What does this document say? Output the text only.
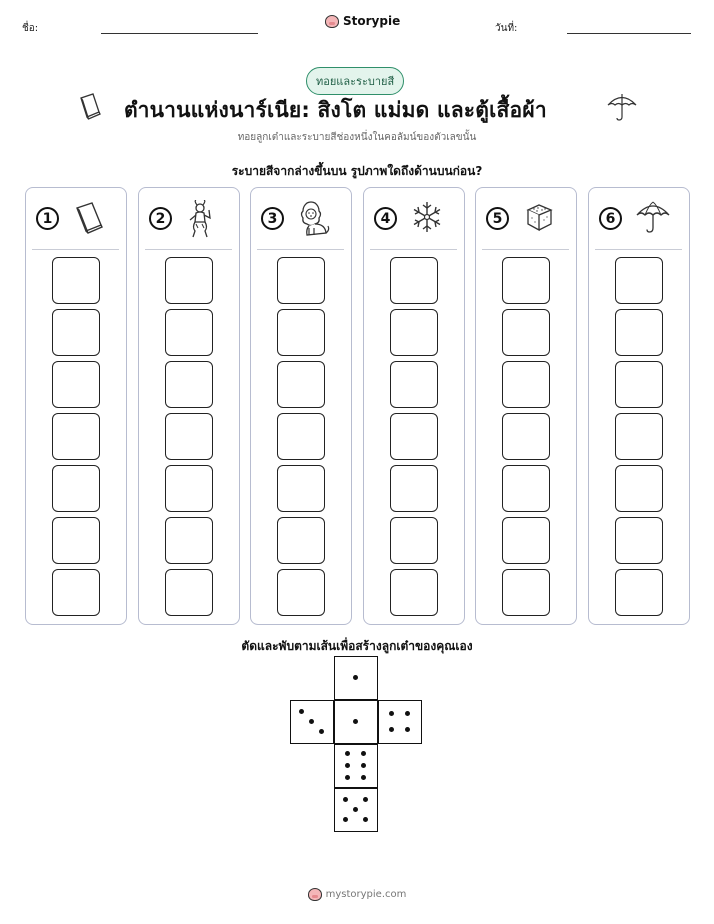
ชื่อ:
Storypie
วันที่:
ทอยและระบายสี
ตำนานแห่งนาร์เนีย: สิงโต แม่มด และตู้เสื้อผ้า
ทอยลูกเต๋าและระบายสีช่องหนึ่งในคอลัมน์ของตัวเลขนั้น
ระบายสีจากล่างขึ้นบน รูปภาพใดถึงด้านบนก่อน?
1	2	3	4	5	6
ตัดและพับตามเส้นเพื่อสร้างลูกเต๋าของคุณเอง
mystorypie.com
